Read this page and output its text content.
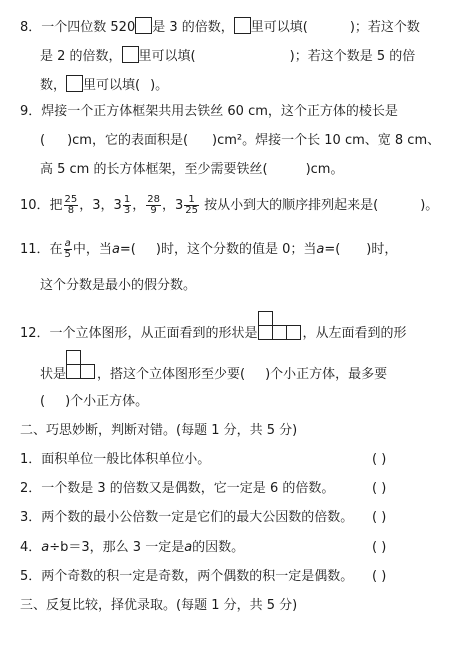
8．一个四位数 520 是 3 的倍数， 里可以填(	)；若这个数
是 2 的倍数， 里可以填(	)；若这个数是 5 的倍
数， 里可以填( )。
9．焊接一个正方体框架共用去铁丝 60 cm，这个正方体的棱长是
( )cm，它的表面积是( )cm²。焊接一个长 10 cm、宽 8 cm、
高 5 cm 的长方体框架，至少需要铁丝(	)cm。
10．把 $\frac{25}{8}$ ，3，$3 \frac{1}{3}$ ， $\frac{28}{9}$ ，$3 \frac{1}{25}$ 按从小到大的顺序排列起来是(	)。
11．在 $\frac{a}{5}$ 中，当a=( )时，这个分数的值是 0；当a=( )时，
这个分数是最小的假分数。
12．一个立体图形，从正面看到的形状是	，从左面看到的形
状是 ，搭这个立体图形至少要( )个小正方体，最多要
( )个小正方体。
二、巧思妙断，判断对错。(每题 1 分，共 5 分)
1．面积单位一般比体积单位小。	( )
2．一个数是 3 的倍数又是偶数，它一定是 6 的倍数。	( )
3．两个数的最小公倍数一定是它们的最大公因数的倍数。 ( )
4．a÷b＝3，那么 3 一定是a的因数。	( )
5．两个奇数的积一定是奇数，两个偶数的积一定是偶数。 ( )
三、反复比较，择优录取。(每题 1 分，共 5 分)
